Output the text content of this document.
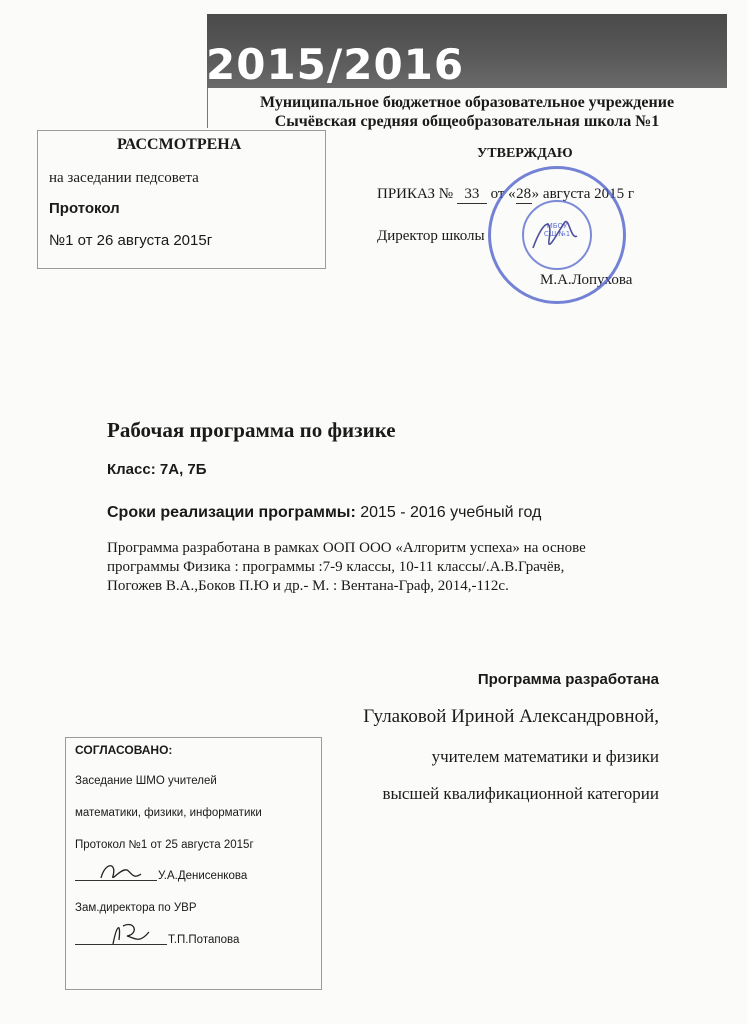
2015/2016
Муниципальное бюджетное образовательное учреждение
Сычёвская средняя общеобразовательная школа №1
РАССМОТРЕНА
на заседании педсовета
Протокол
№1 от 26 августа 2015г
УТВЕРЖДАЮ
ПРИКАЗ № 33 от «28» августа 2015 г
Директор школы
М.А.Лопухова
МБОУ
СШ №1
Рабочая программа по физике
Класс: 7А, 7Б
Сроки реализации программы: 2015 - 2016 учебный год
Программа разработана в рамках ООП ООО «Алгоритм успеха» на основе
программы Физика : программы :7-9 классы, 10-11 классы/.А.В.Грачёв,
Погожев В.А.,Боков П.Ю и др.- М. : Вентана-Граф, 2014,-112с.
Программа разработана
Гулаковой Ириной Александровной,
учителем математики и физики
высшей квалификационной категории
СОГЛАСОВАНО:
Заседание ШМО учителей
математики, физики, информатики
Протокол №1 от 25 августа 2015г
У.А.Денисенкова
Зам.директора по УВР
Т.П.Потапова
